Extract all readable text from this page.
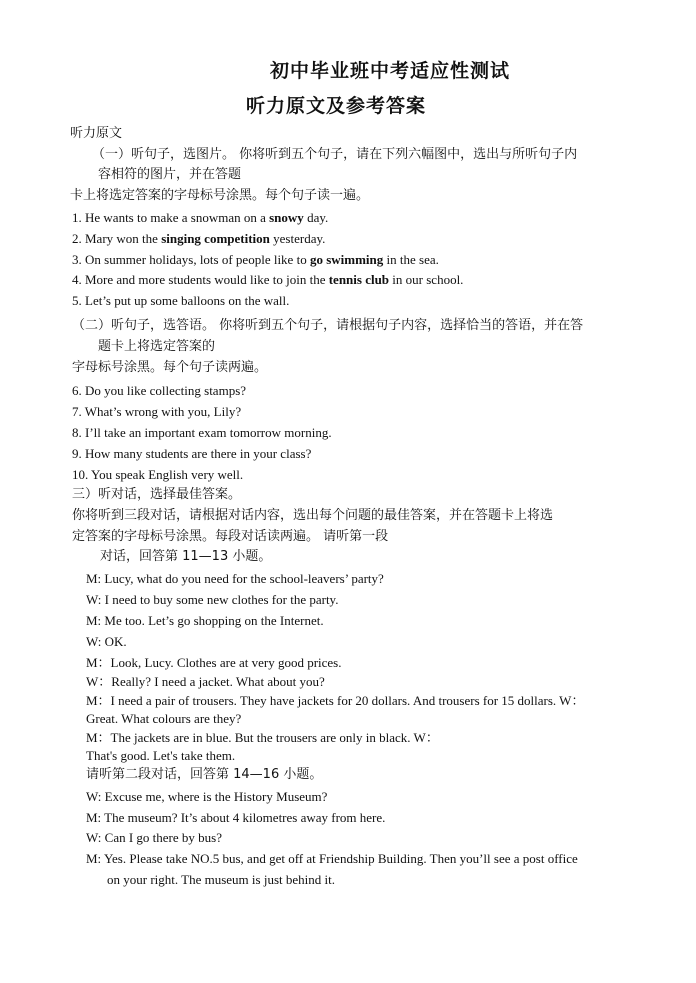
初中毕业班中考适应性测试
听力原文及参考答案
听力原文
（一）听句子，选图片。 你将听到五个句子，请在下列六幅图中，选出与所听句子内
容相符的图片，并在答题
卡上将选定答案的字母标号涂黑。每个句子读一遍。
1. He wants to make a snowman on a snowy day.
2. Mary won the singing competition yesterday.
3. On summer holidays, lots of people like to go swimming in the sea.
4. More and more students would like to join the tennis club in our school.
5. Let’s put up some balloons on the wall.
（二）听句子，选答语。 你将听到五个句子，请根据句子内容，选择恰当的答语，并在答
题卡上将选定答案的
字母标号涂黑。每个句子读两遍。
6. Do you like collecting stamps?
7. What’s wrong with you, Lily?
8. I’ll take an important exam tomorrow morning.
9. How many students are there in your class?
10. You speak English very well.
三）听对话，选择最佳答案。
你将听到三段对话，请根据对话内容，选出每个问题的最佳答案，并在答题卡上将选
定答案的字母标号涂黑。每段对话读两遍。 请听第一段
对话，回答第 11—13 小题。
M: Lucy, what do you need for the school-leavers’ party?
W: I need to buy some new clothes for the party.
M: Me too. Let’s go shopping on the Internet.
W: OK.
M：Look, Lucy. Clothes are at very good prices.
W：Really? I need a jacket. What about you?
M：I need a pair of trousers. They have jackets for 20 dollars. And trousers for 15 dollars. W：
Great. What colours are they?
M：The jackets are in blue. But the trousers are only in black. W：
That's good. Let's take them.
请听第二段对话，回答第 14—16 小题。
W: Excuse me, where is the History Museum?
M: The museum? It’s about 4 kilometres away from here.
W: Can I go there by bus?
M: Yes. Please take NO.5 bus, and get off at Friendship Building. Then you’ll see a post office
on your right. The museum is just behind it.
